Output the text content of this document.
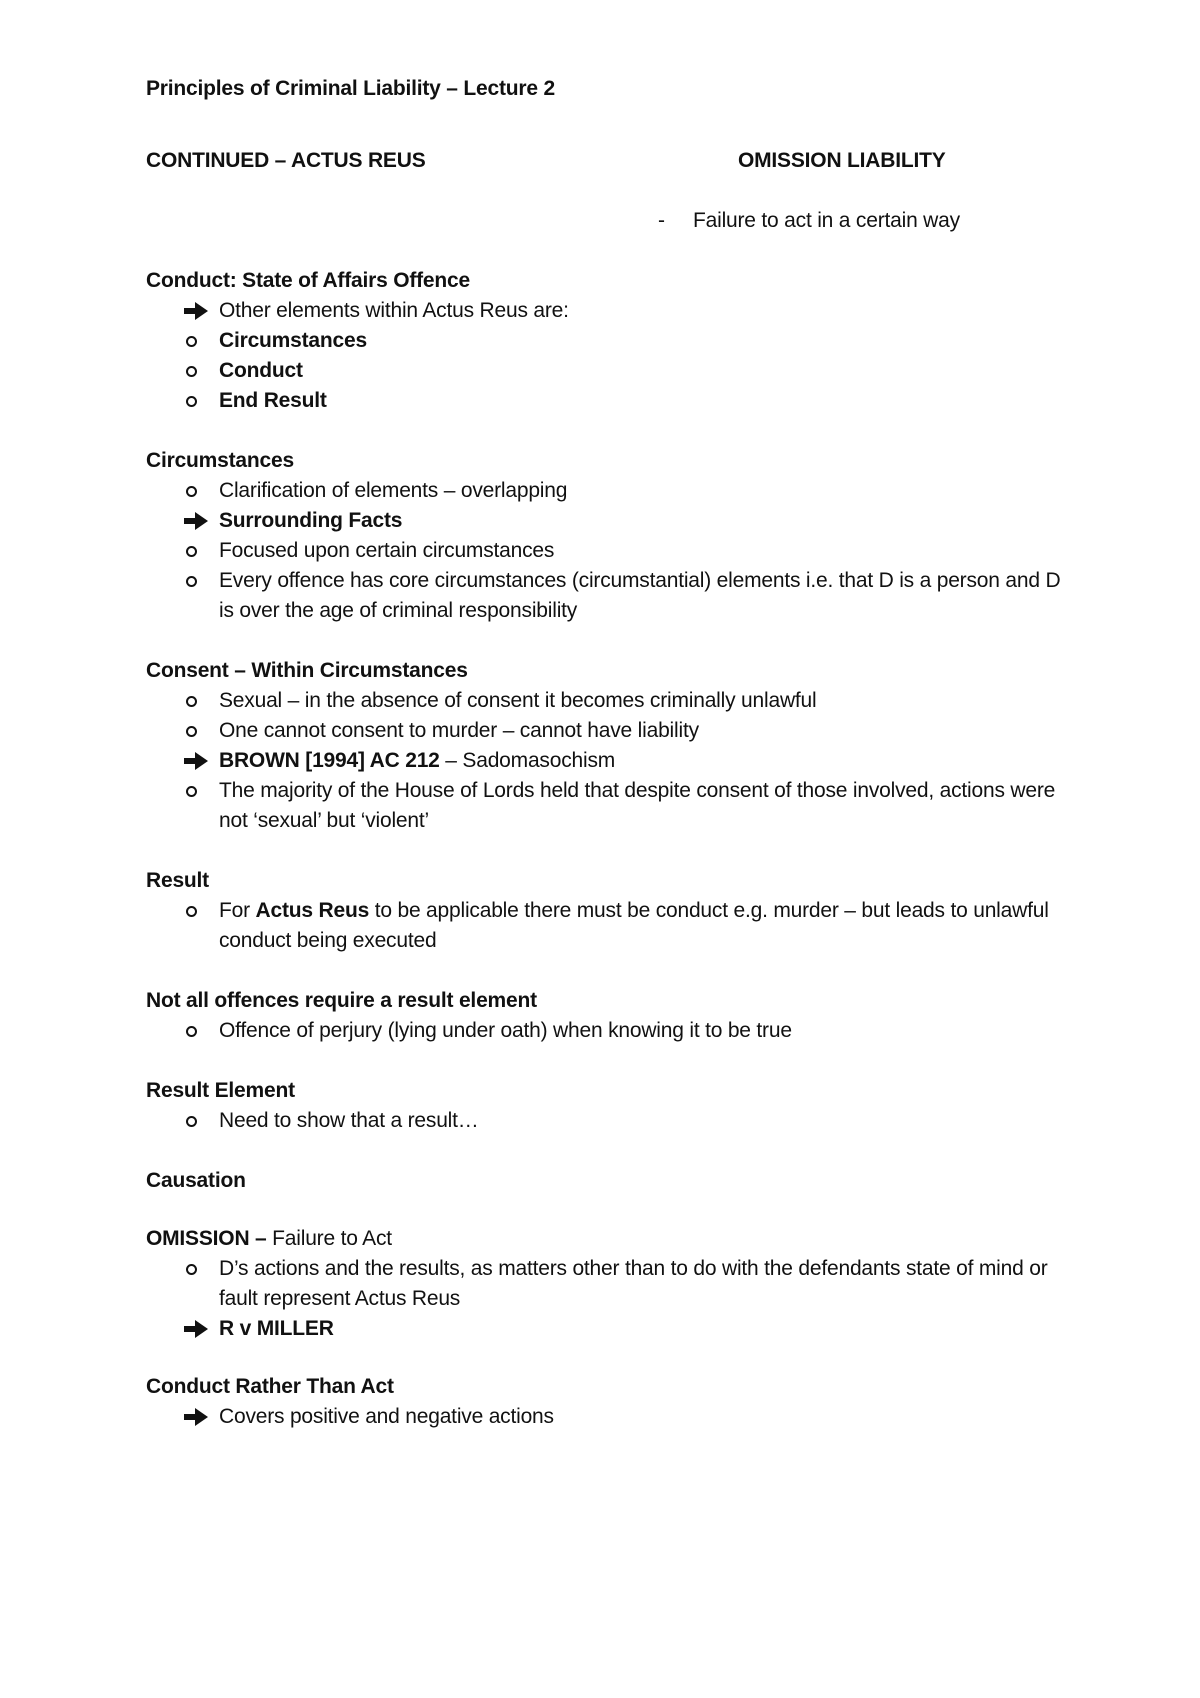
Principles of Criminal Liability – Lecture 2
CONTINUED – ACTUS REUS	OMISSION LIABILITY
- Failure to act in a certain way
Conduct: State of Affairs Offence
Other elements within Actus Reus are:
Circumstances
Conduct
End Result
Circumstances
Clarification of elements – overlapping
Surrounding Facts
Focused upon certain circumstances
Every offence has core circumstances (circumstantial) elements i.e. that D is a person and D is over the age of criminal responsibility
Consent – Within Circumstances
Sexual – in the absence of consent it becomes criminally unlawful
One cannot consent to murder – cannot have liability
BROWN [1994] AC 212 – Sadomasochism
The majority of the House of Lords held that despite consent of those involved, actions were not ‘sexual’ but ‘violent’
Result
For Actus Reus to be applicable there must be conduct e.g. murder – but leads to unlawful conduct being executed
Not all offences require a result element
Offence of perjury (lying under oath) when knowing it to be true
Result Element
Need to show that a result…
Causation
OMISSION – Failure to Act
D’s actions and the results, as matters other than to do with the defendants state of mind or fault represent Actus Reus
R v MILLER
Conduct Rather Than Act
Covers positive and negative actions
